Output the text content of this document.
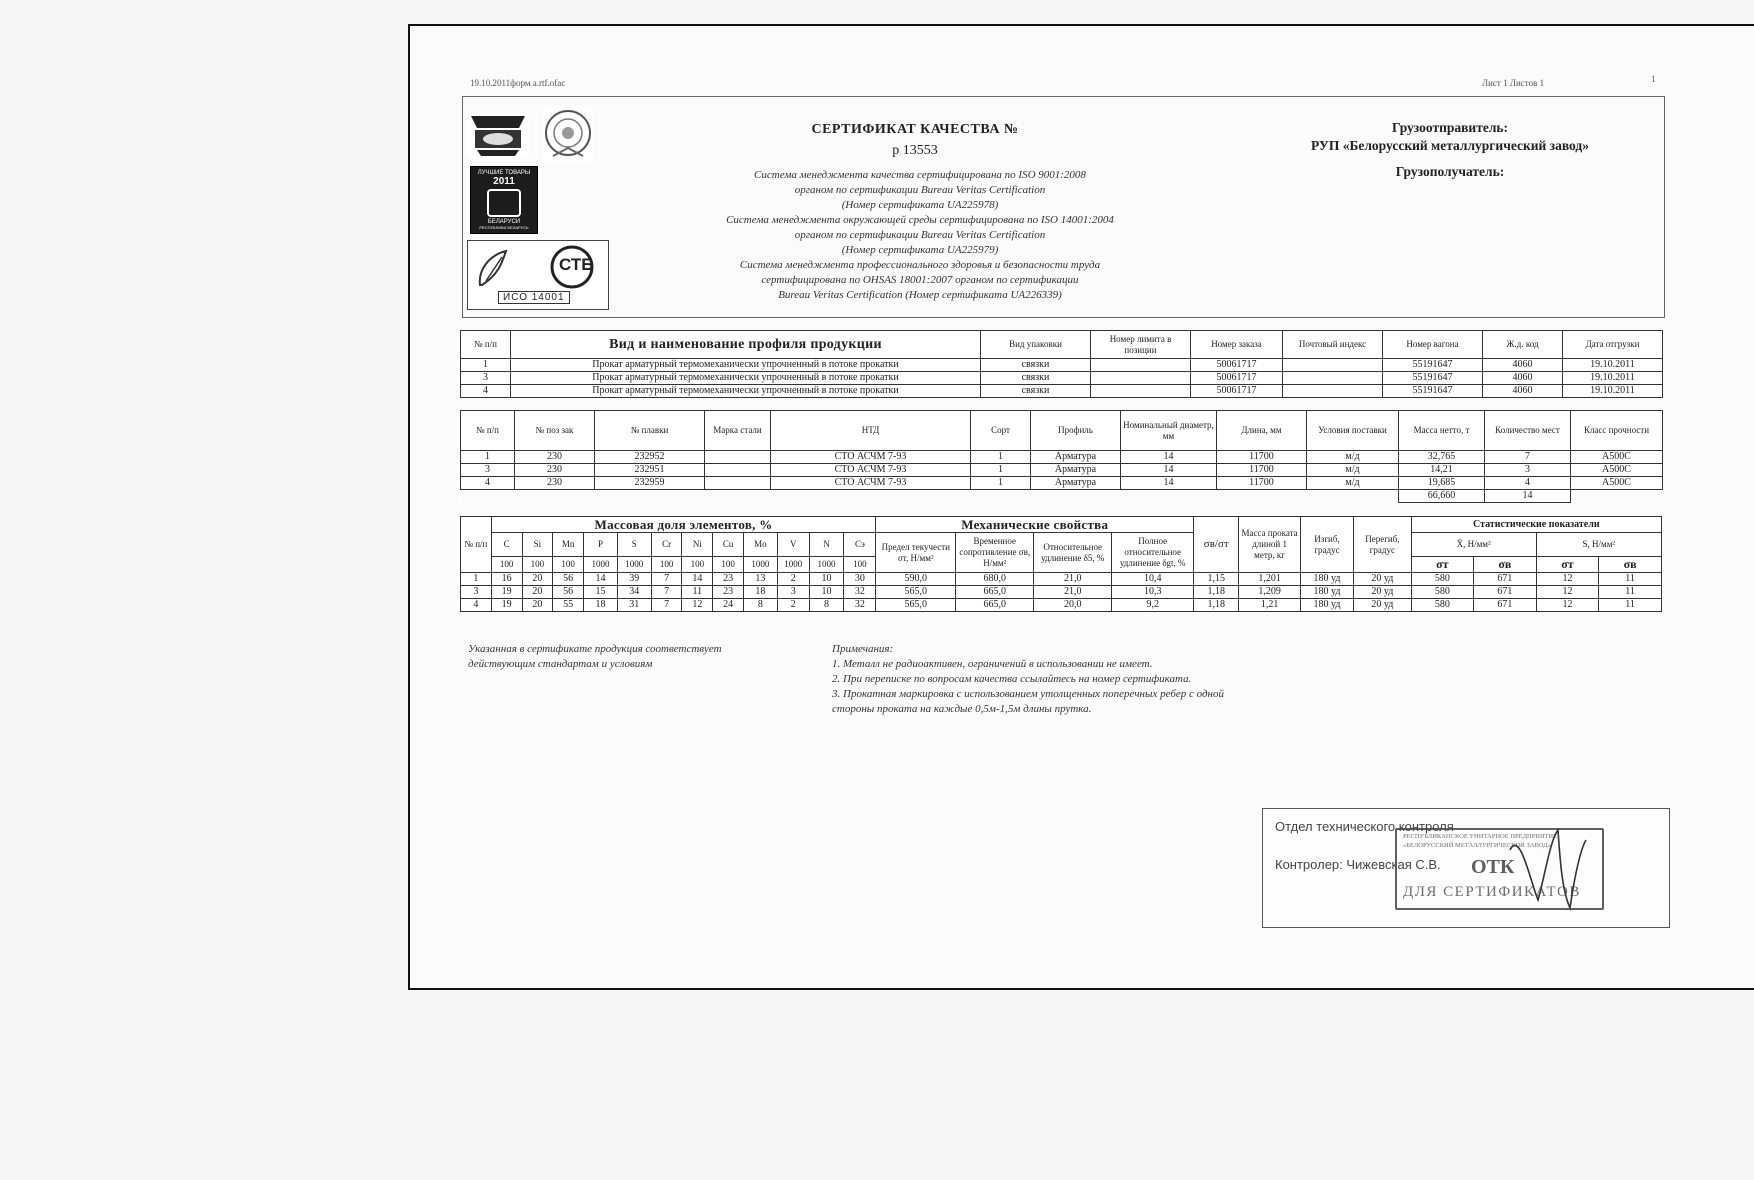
19.10.2011форм a.rtf.ofac	Лист 1 Листов 1	1
ЛУЧШИЕ ТОВАРЫ
2011
БЕЛАРУСИ
РЕСПУБЛИКИ БЕЛАРУСЬ
СТБ
ИСО 14001
СЕРТИФИКАТ КАЧЕСТВА №
р 13553
Система менеджмента качества сертифицирована по ISO 9001:2008
органом по сертификации Bureau Veritas Certification
(Номер сертификата UA225978)
Система менеджмента окружающей среды сертифицирована по ISO 14001:2004
органом по сертификации Bureau Veritas Certification
(Номер сертификата UA225979)
Система менеджмента профессионального здоровья и безопасности труда
сертифицирована по OHSAS 18001:2007 органом по сертификации
Bureau Veritas Certification (Номер сертификата UA226339)
Грузоотправитель:
РУП «Белорусский металлургический завод»
Грузополучатель:
№ п/п	Вид и наименование профиля продукции	Вид упаковки	Номер лимита в позиции	Номер заказа	Почтовый индекс	Номер вагона	Ж.д. код	Дата отгрузки
1	Прокат арматурный термомеханически упрочненный в потоке прокатки	связки		50061717		55191647	4060	19.10.2011
3	Прокат арматурный термомеханически упрочненный в потоке прокатки	связки		50061717		55191647	4060	19.10.2011
4	Прокат арматурный термомеханически упрочненный в потоке прокатки	связки		50061717		55191647	4060	19.10.2011
№ п/п	№ пoз зак	№ плавки	Марка стали	НТД	Сорт	Профиль	Номинальный диаметр, мм	Длина, мм	Условия поставки	Масса нетто, т	Количество мест	Класс прочности
1	230	232952		СТО АСЧМ 7-93	1	Арматура	14	11700	м/д	32,765	7	А500С
3	230	232951		СТО АСЧМ 7-93	1	Арматура	14	11700	м/д	14,21	3	А500С
4	230	232959		СТО АСЧМ 7-93	1	Арматура	14	11700	м/д	19,685	4	А500С
										66,660	14	
№ п/п	Массовая доля элементов, %												Механические свойства				σв/σт	Масса проката длиной 1 метр, кг	Изгиб, градус	Перегиб, градус	Статистические показатели			
	C	Si	Mn	P	S	Cr	Ni	Cu	Mo	V	N	Cэ	Предел текучести σт, Н/мм²	Временное сопротивление σв, Н/мм²	Относительное удлинение δ5, %	Полное относительное удлинение δgt, %					X̄, Н/мм²		S, Н/мм²	
	100	100	100	1000	1000	100	100	100	1000	1000	1000	100									σт	σв	σт	σв
1	16	20	56	14	39	7	14	23	13	2	10	30	590,0	680,0	21,0	10,4	1,15	1,201	180 уд	20 уд	580	671	12	11
3	19	20	56	15	34	7	11	23	18	3	10	32	565,0	665,0	21,0	10,3	1,18	1,209	180 уд	20 уд	580	671	12	11
4	19	20	55	18	31	7	12	24	8	2	8	32	565,0	665,0	20,0	9,2	1,18	1,21	180 уд	20 уд	580	671	12	11
Указанная в сертификате продукция соответствует
действующим стандартам и условиям
Примечания:
1. Металл не радиоактивен, ограничений в использовании не имеет.
2. При переписке по вопросам качества ссылайтесь на номер сертификата.
3. Прокатная маркировка с использованием утолщенных поперечных ребер с одной
стороны проката на каждые 0,5м-1,5м длины прутка.
Отдел технического контроля
Контролер: Чижевская С.В.
РЕСПУБЛИКАНСКОЕ УНИТАРНОЕ ПРЕДПРИЯТИЕ
«БЕЛОРУССКИЙ МЕТАЛЛУРГИЧЕСКИЙ ЗАВОД»
ОТК
ДЛЯ СЕРТИФИКАТОВ
